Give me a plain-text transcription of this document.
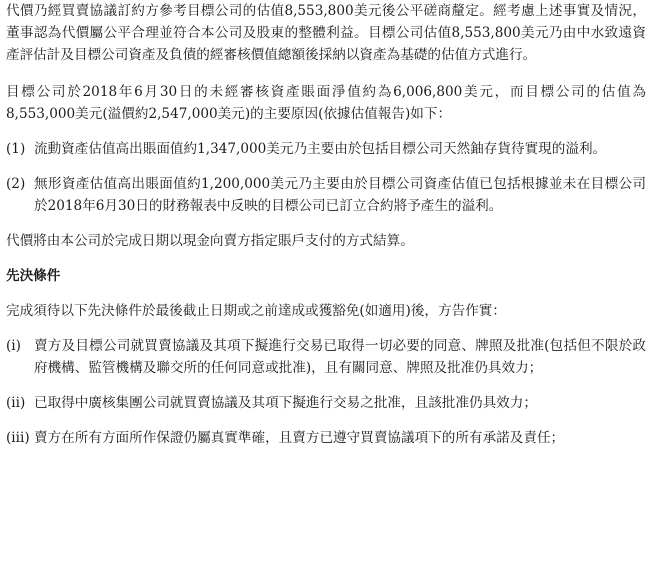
代價乃經買賣協議訂約方參考目標公司的估值8,553,800美元後公平磋商釐定。經考慮上述事實及情況，董事認為代價屬公平合理並符合本公司及股東的整體利益。目標公司估值8,553,800美元乃由中水致遠資產評估計及目標公司資產及負債的經審核價值總額後採納以資產為基礎的估值方式進行。

目標公司於2018年6月30日的未經審核資產賬面淨值約為6,006,800美元，而目標公司的估值為8,553,000美元(溢價約2,547,000美元)的主要原因(依據估值報告)如下：

(1) 流動資產估值高出賬面值約1,347,000美元乃主要由於包括目標公司天然鈾存貨待實現的溢利。
(2) 無形資產估值高出賬面值約1,200,000美元乃主要由於目標公司資產估值已包括根據並未在目標公司於2018年6月30日的財務報表中反映的目標公司已訂立合約將予產生的溢利。

代價將由本公司於完成日期以現金向賣方指定賬戶支付的方式結算。

先決條件

完成須待以下先決條件於最後截止日期或之前達成或獲豁免(如適用)後，方告作實：

(i) 賣方及目標公司就買賣協議及其項下擬進行交易已取得一切必要的同意、牌照及批准(包括但不限於政府機構、監管機構及聯交所的任何同意或批准)，且有關同意、牌照及批准仍具效力；
(ii) 已取得中廣核集團公司就買賣協議及其項下擬進行交易之批准，且該批准仍具效力；
(iii) 賣方在所有方面所作保證仍屬真實準確，且賣方已遵守買賣協議項下的所有承諾及責任；
